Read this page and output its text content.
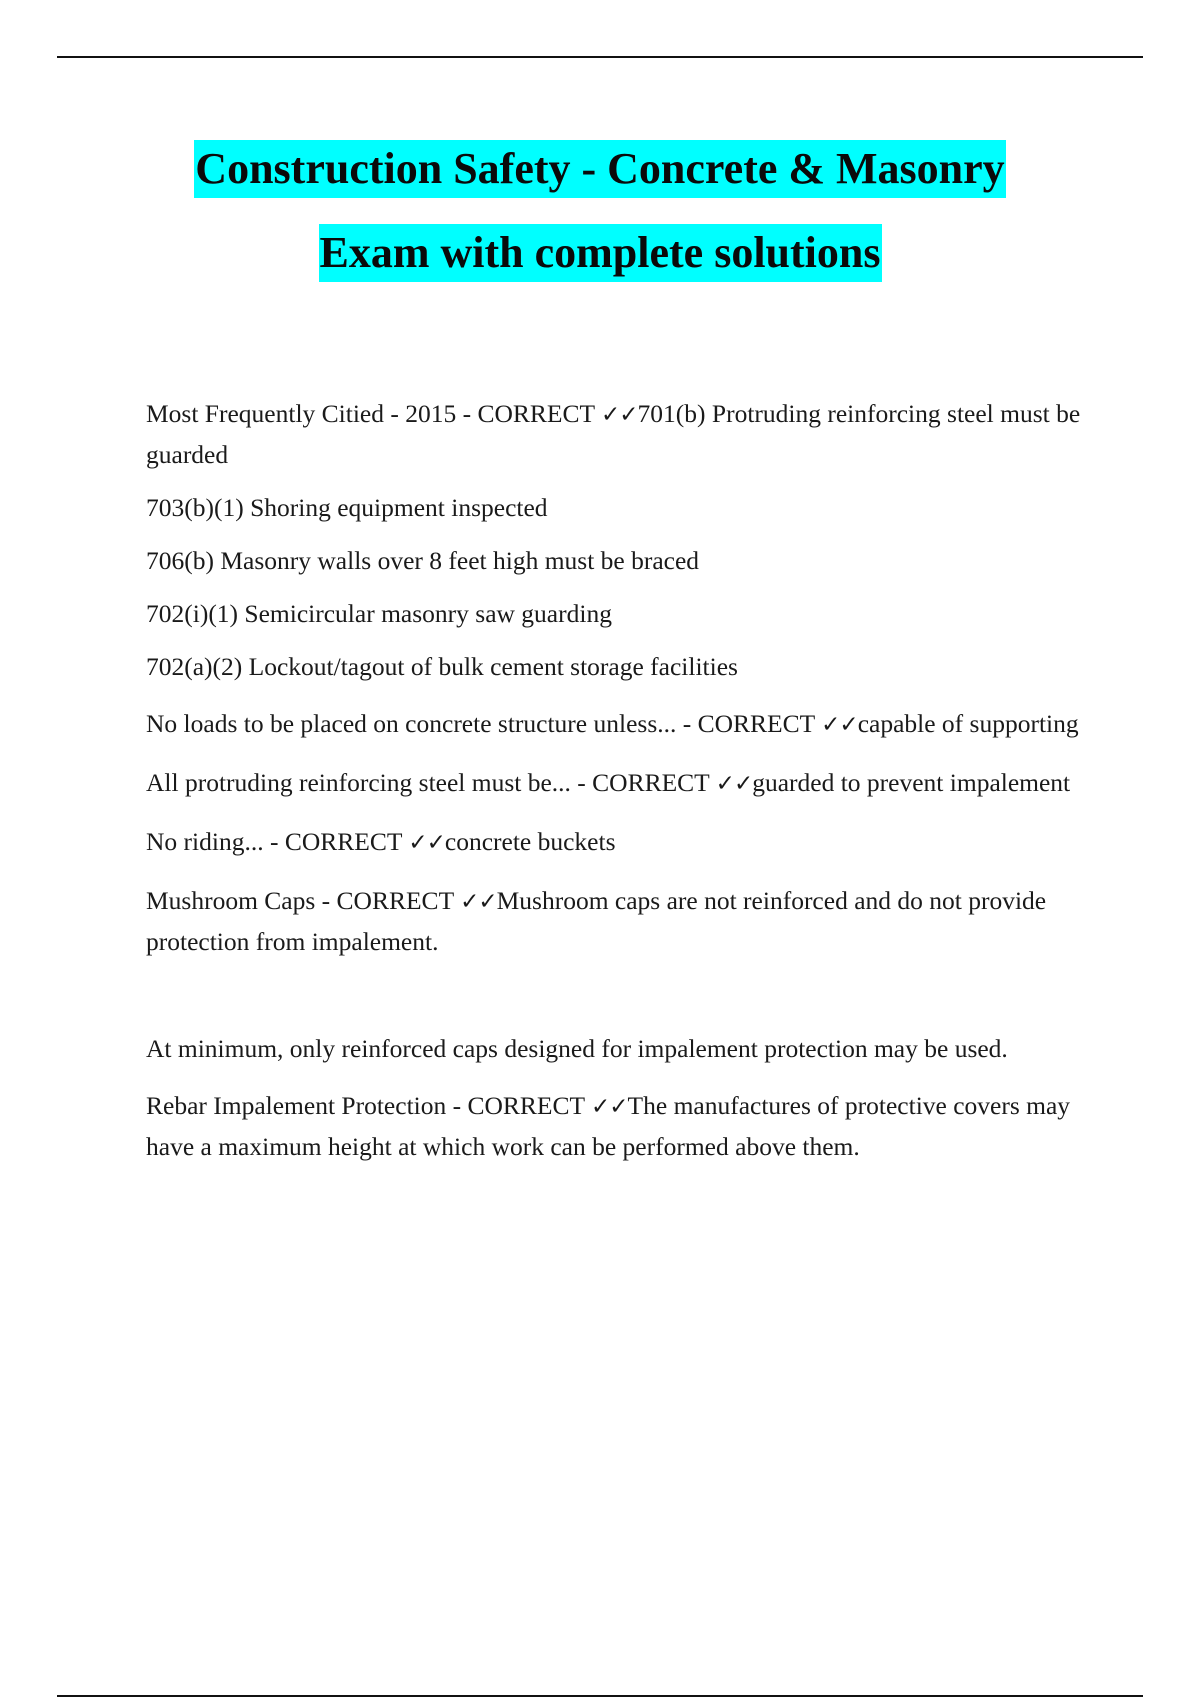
Construction Safety - Concrete & Masonry
Exam with complete solutions

Most Frequently Citied - 2015 - CORRECT ✓✓701(b) Protruding reinforcing steel must be guarded

703(b)(1) Shoring equipment inspected

706(b) Masonry walls over 8 feet high must be braced

702(i)(1) Semicircular masonry saw guarding

702(a)(2) Lockout/tagout of bulk cement storage facilities

No loads to be placed on concrete structure unless... - CORRECT ✓✓capable of supporting

All protruding reinforcing steel must be... - CORRECT ✓✓guarded to prevent impalement

No riding... - CORRECT ✓✓concrete buckets

Mushroom Caps - CORRECT ✓✓Mushroom caps are not reinforced and do not provide protection from impalement.

At minimum, only reinforced caps designed for impalement protection may be used.

Rebar Impalement Protection - CORRECT ✓✓The manufactures of protective covers may have a maximum height at which work can be performed above them.
